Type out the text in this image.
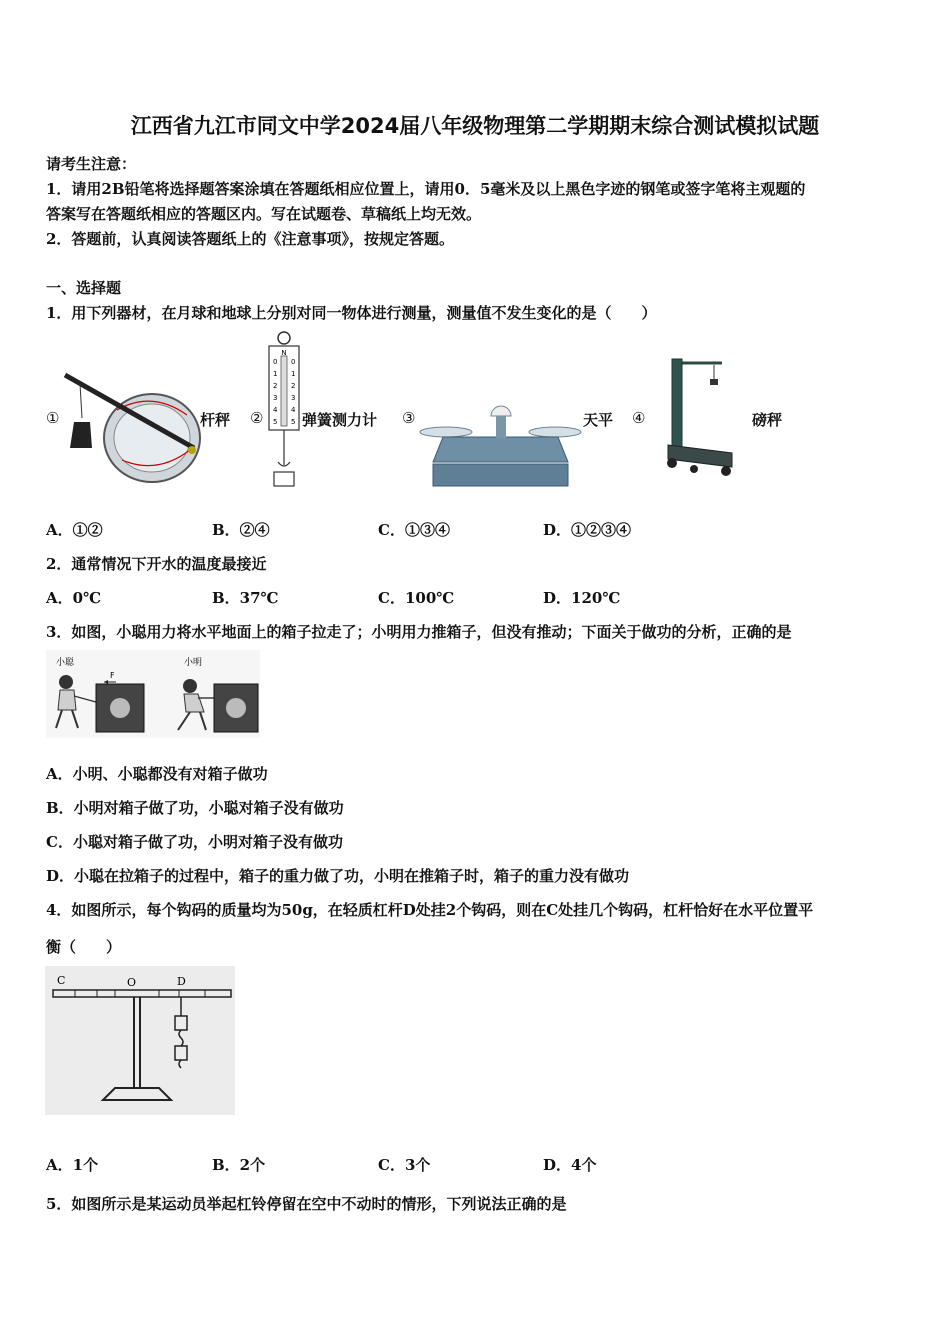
江西省九江市同文中学2024届八年级物理第二学期期末综合测试模拟试题
请考生注意：
1．请用2B铅笔将选择题答案涂填在答题纸相应位置上，请用0．5毫米及以上黑色字迹的钢笔或签字笔将主观题的
答案写在答题纸相应的答题区内。写在试题卷、草稿纸上均无效。
2．答题前，认真阅读答题纸上的《注意事项》，按规定答题。
一、选择题
1．用下列器材，在月球和地球上分别对同一物体进行测量，测量值不发生变化的是（　　）
①	杆秤 ②
N
0
1
2
3
4
5
0
1
2
3
4
5 弹簧测力计 ③	天平 ④	磅秤
A．①②	B．②④	C．①③④	D．①②③④
2．通常情况下开水的温度最接近
A．0℃	B．37℃	C．100℃	D．120℃
3．如图，小聪用力将水平地面上的箱子拉走了；小明用力推箱子，但没有推动；下面关于做功的分析，正确的是
小聪
F
小明
A．小明、小聪都没有对箱子做功
B．小明对箱子做了功，小聪对箱子没有做功
C．小聪对箱子做了功，小明对箱子没有做功
D．小聪在拉箱子的过程中，箱子的重力做了功，小明在推箱子时，箱子的重力没有做功
4．如图所示，每个钩码的质量均为50g，在轻质杠杆D处挂2个钩码，则在C处挂几个钩码，杠杆恰好在水平位置平
衡（　　）
C	O	D
A．1个	B．2个	C．3个	D．4个
5．如图所示是某运动员举起杠铃停留在空中不动时的情形，下列说法正确的是
